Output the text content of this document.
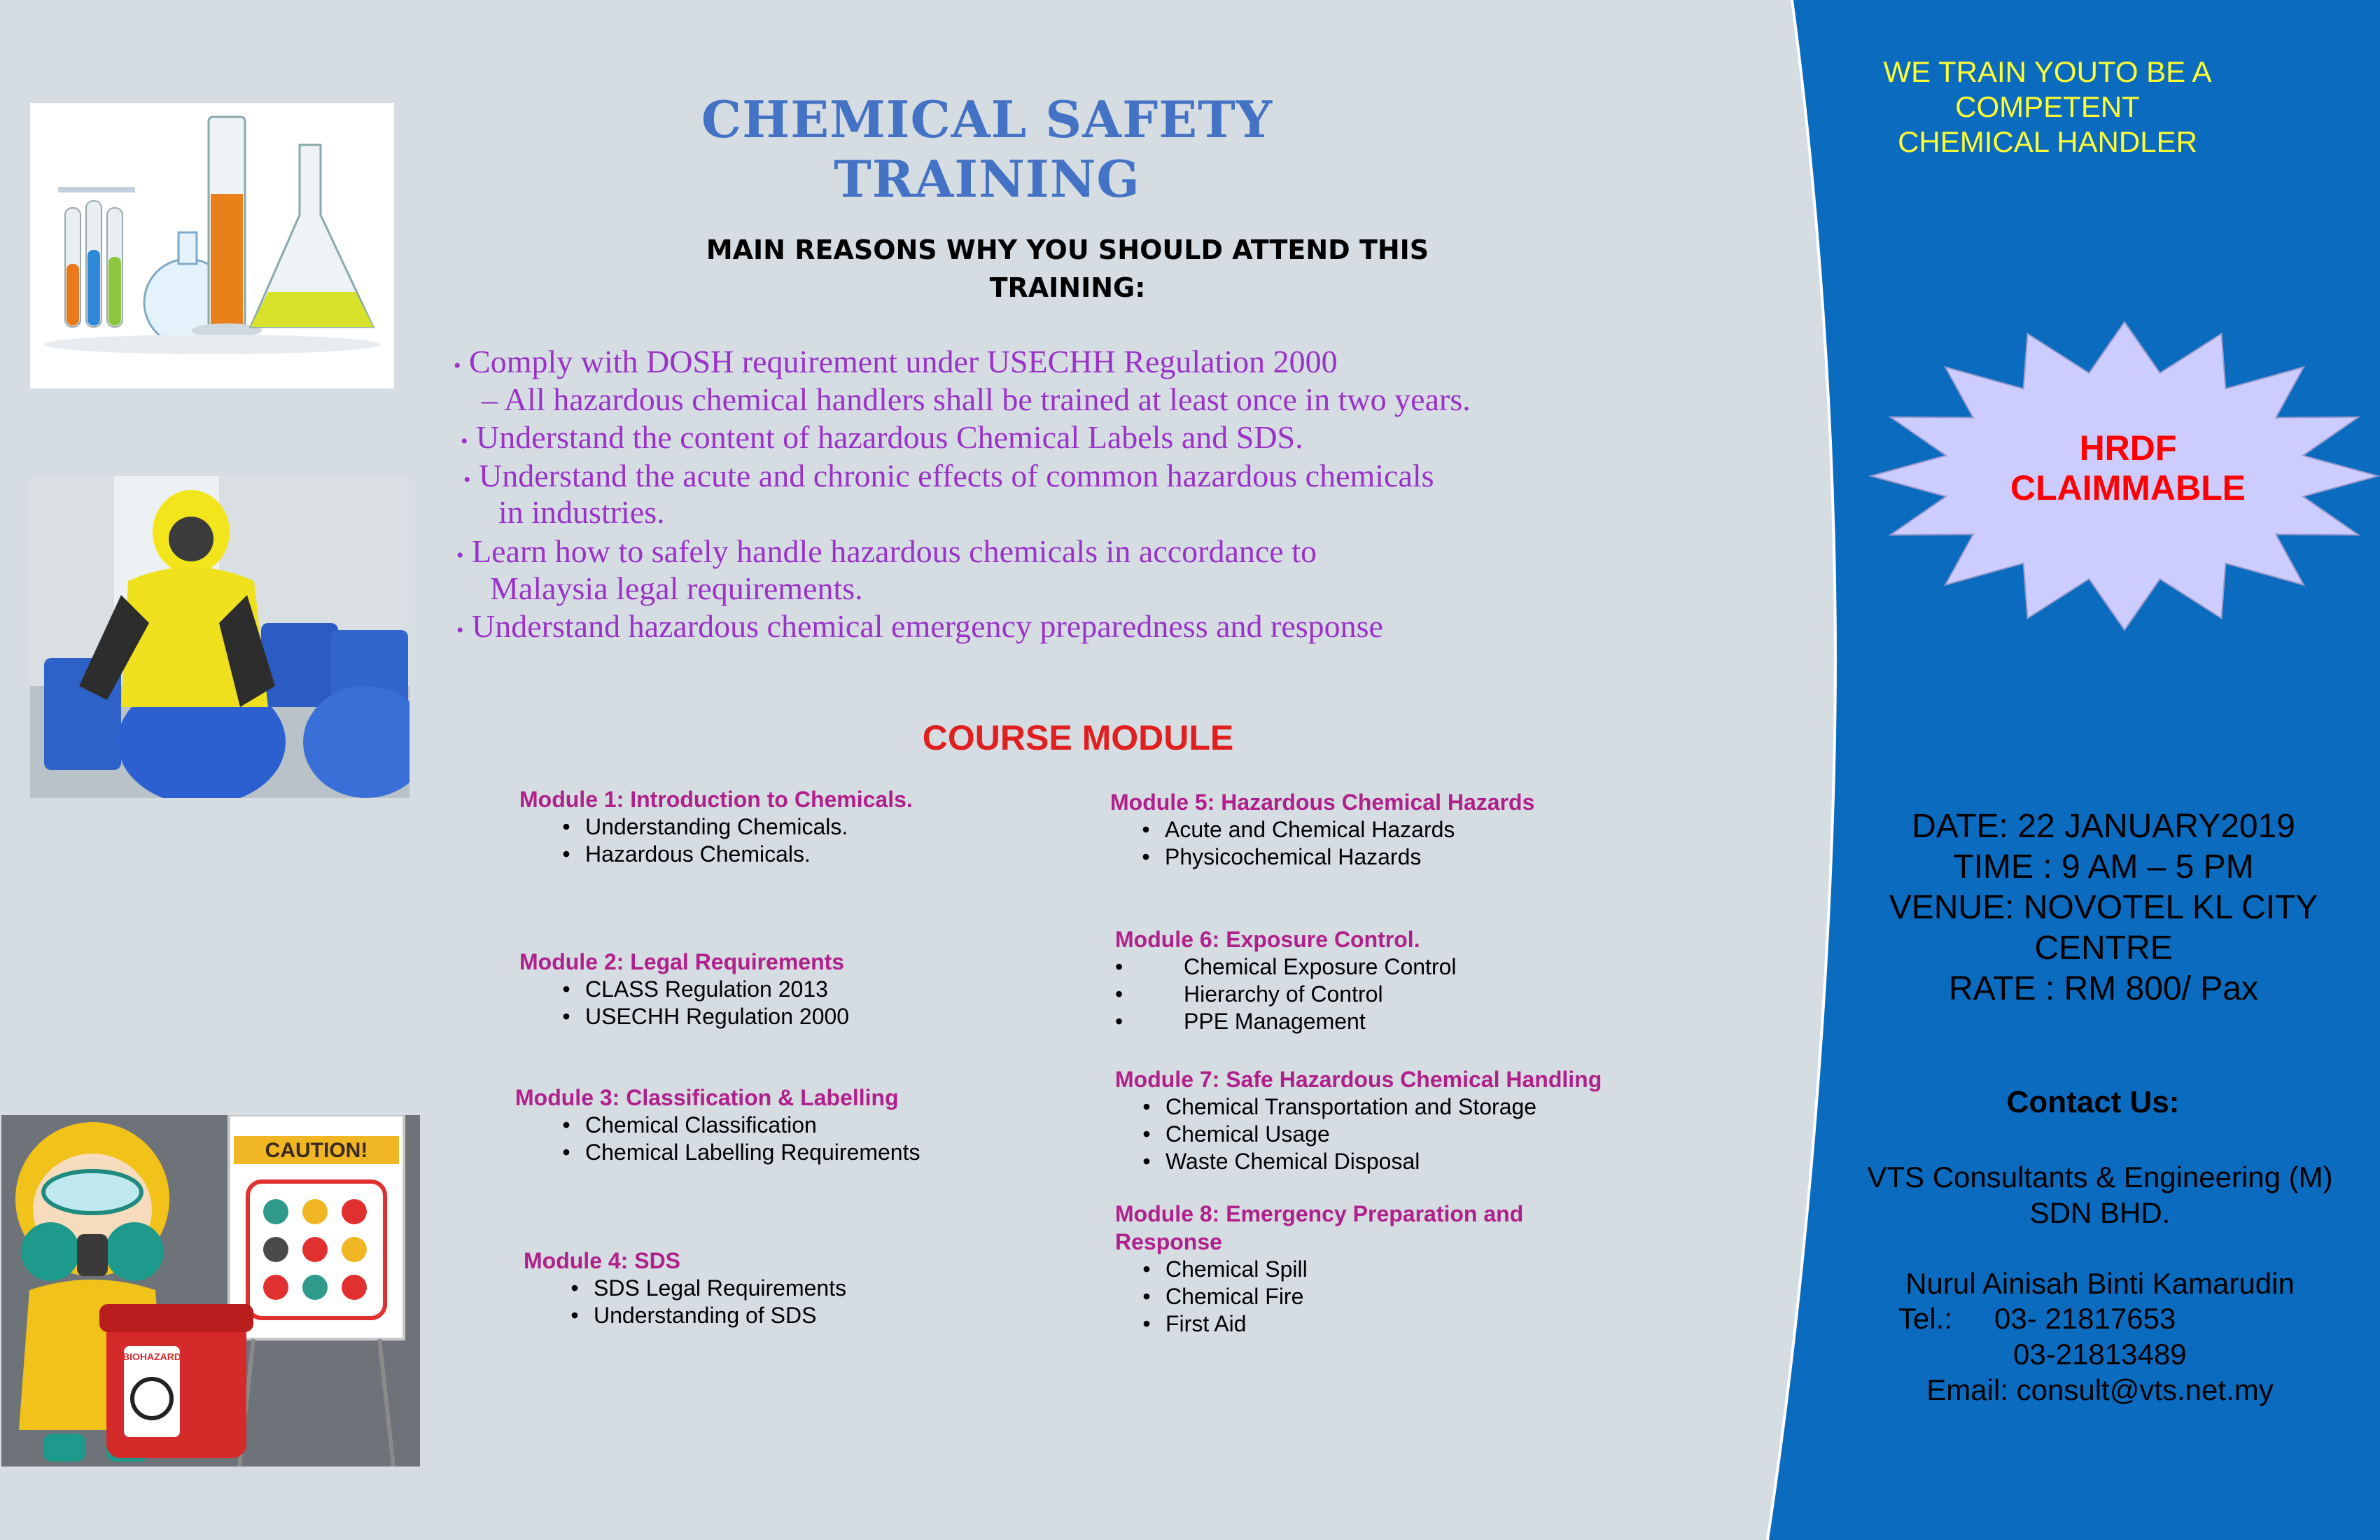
CAUTION!
BIOHAZARD
CHEMICAL SAFETY TRAINING
MAIN REASONS WHY YOU SHOULD ATTEND THIS
TRAINING:
• Comply with DOSH requirement under USECHH Regulation 2000
– All hazardous chemical handlers shall be trained at least once in two years.
• Understand the content of hazardous Chemical Labels and SDS.
• Understand the acute and chronic effects of common hazardous chemicals
in industries.
• Learn how to safely handle hazardous chemicals in accordance to
Malaysia legal requirements.
• Understand hazardous chemical emergency preparedness and response
COURSE MODULE
Module 1: Introduction to Chemicals.
• Understanding Chemicals.
• Hazardous Chemicals.
Module 2: Legal Requirements
• CLASS Regulation 2013
• USECHH Regulation 2000
Module 3: Classification & Labelling
• Chemical Classification
• Chemical Labelling Requirements
Module 4: SDS
• SDS Legal Requirements
• Understanding of SDS
Module 5: Hazardous Chemical Hazards
• Acute and Chemical Hazards
• Physicochemical Hazards
Module 6: Exposure Control.
•	Chemical Exposure Control
•	Hierarchy of Control
•	PPE Management
Module 7: Safe Hazardous Chemical Handling
• Chemical Transportation and Storage
• Chemical Usage
• Waste Chemical Disposal
Module 8: Emergency Preparation and
Response
• Chemical Spill
• Chemical Fire
• First Aid
WE TRAIN YOUTO BE A
COMPETENT
CHEMICAL HANDLER
HRDF
CLAIMMABLE
DATE: 22 JANUARY2019
TIME : 9 AM – 5 PM
VENUE: NOVOTEL KL CITY
CENTRE
RATE : RM 800/ Pax
Contact Us:
VTS Consultants & Engineering (M)
SDN BHD.
Nurul Ainisah Binti Kamarudin
Tel.: 03- 21817653
03-21813489
Email: consult@vts.net.my
